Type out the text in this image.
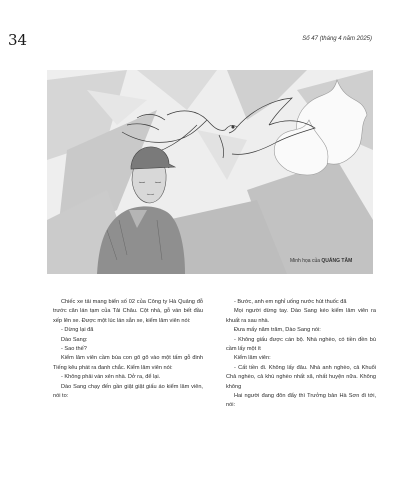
34	Số 47 (tháng 4 năm 2025)
Minh họa của QUÁNG TÂM

Chiếc xe tải mang biển số 02 của Công ty Hà Quảng đỗ trước căn lán tạm của Tải Châu. Cột nhà, gỗ ván bết đầu xếp lên xe. Được một lúc lán sẵn xe, kiểm lâm viên nói:

- Dừng lại đã

Dào Sang:

- Sao thế?

Kiểm lâm viên cầm búa con gõ gõ vào một tấm gỗ đinh Tiếng kêu phát ra đanh chắc. Kiểm lâm viên nói:

- Không phải ván xẻn nhà. Dở ra, để lại.

Dào Sang chạy đến gần giật giật giấu áo kiểm lâm viên, nói to:

- Bước, anh em nghỉ uống nước hút thuốc đã

Mọi người dừng tay. Dào Sang kéo kiểm lâm viên ra khuất ra sau nhà.

Đưa mấy năm trăm, Dào Sang nói:

- Không giấu được cán bộ. Nhà nghèo, có tiền đền bù cầm lấy một ít

Kiểm lâm viên:

- Cất tiền đi. Không lấy đâu. Nhà anh nghèo, cả Khuổi Chả nghèo, cả khú nghèo nhất xã, nhất huyện nữa. Không không

Hai người đang đôn đẩy thì Trưởng bản Hà Sơn đi tới, nói:
